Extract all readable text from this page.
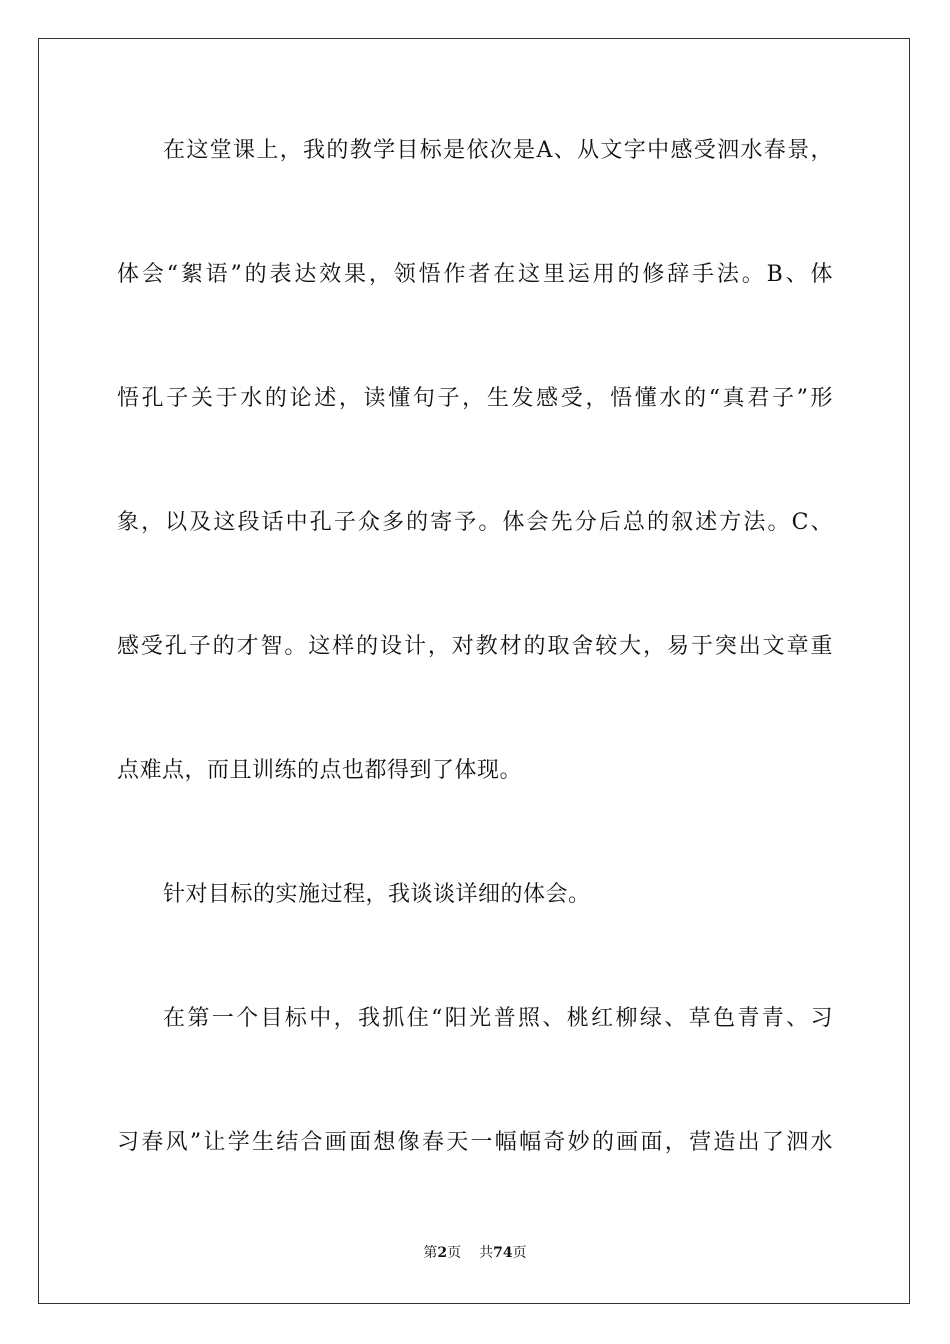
在这堂课上，我的教学目标是依次是A、从文字中感受泗水春景，
体会“絮语”的表达效果，领悟作者在这里运用的修辞手法。B、体
悟孔子关于水的论述，读懂句子，生发感受，悟懂水的“真君子”形
象，以及这段话中孔子众多的寄予。体会先分后总的叙述方法。C、
感受孔子的才智。这样的设计，对教材的取舍较大，易于突出文章重
点难点，而且训练的点也都得到了体现。
针对目标的实施过程，我谈谈详细的体会。
在第一个目标中，我抓住“阳光普照、桃红柳绿、草色青青、习
习春风”让学生结合画面想像春天一幅幅奇妙的画面，营造出了泗水
第2页 共74页
